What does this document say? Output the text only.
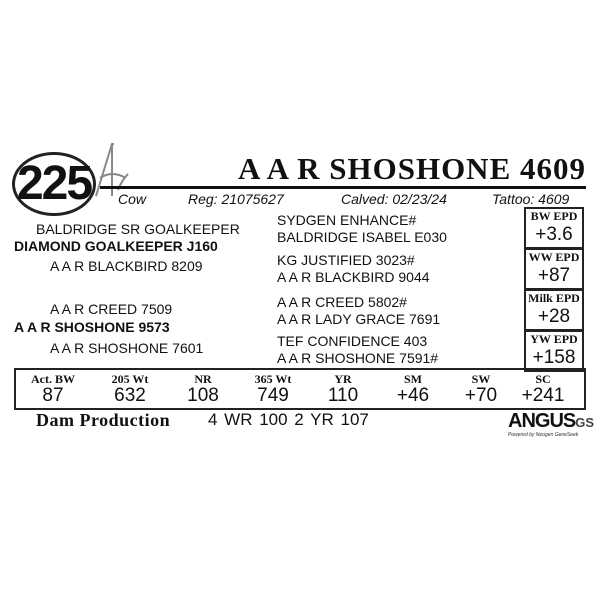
225	A A R SHOSHONE 4609
Cow	Reg: 21075627	Calved: 02/23/24	Tattoo: 4609
BALDRIDGE SR GOALKEEPER
DIAMOND GOALKEEPER J160
A A R BLACKBIRD 8209
A A R CREED 7509
A A R SHOSHONE 9573
A A R SHOSHONE 7601
SYDGEN ENHANCE#
BALDRIDGE ISABEL E030
KG JUSTIFIED 3023#
A A R BLACKBIRD 9044
A A R CREED 5802#
A A R LADY GRACE 7691
TEF CONFIDENCE 403
A A R SHOSHONE 7591#
BW EPD
+3.6
WW EPD
+87
Milk EPD
+28
YW EPD
+158
Act. BW	205 Wt	NR	365 Wt	YR	SM	SW	SC
87	632	108	749	110	+46	+70	+241
Dam Production 4 WR 100 2 YR 107	ANGUSGS
Powered by Neogen GeneSeek
